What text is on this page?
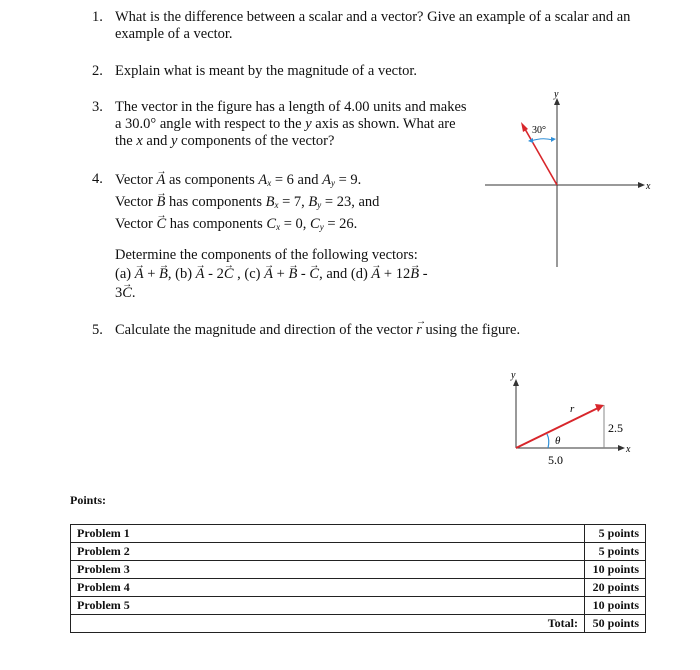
1. What is the difference between a scalar and a vector? Give an example of a scalar and an
example of a vector.
2. Explain what is meant by the magnitude of a vector.
3. The vector in the figure has a length of 4.00 units and makes
a 30.0° angle with respect to the y axis as shown. What are
the x and y components of the vector?
y
x
30°
4. Vector → A as components $A_x = 6$ and $A_y = 9$.
Vector → B has components $B_x = 7$, $B_y = 23$, and
Vector → C has components $C_x = 0$, $C_y = 26$.
Determine the components of the following vectors:
(a) → A + → B, (b) → A - 2→ C , (c) → A + → B - → C, and (d) → A + 12→ B -
3→ C.
5. Calculate the magnitude and direction of the vector → r using the figure.
y
x
r
θ
2.5
5.0
Points:
Problem 1	5 points
Problem 2	5 points
Problem 3	10 points
Problem 4	20 points
Problem 5	10 points
Total:	50 points
